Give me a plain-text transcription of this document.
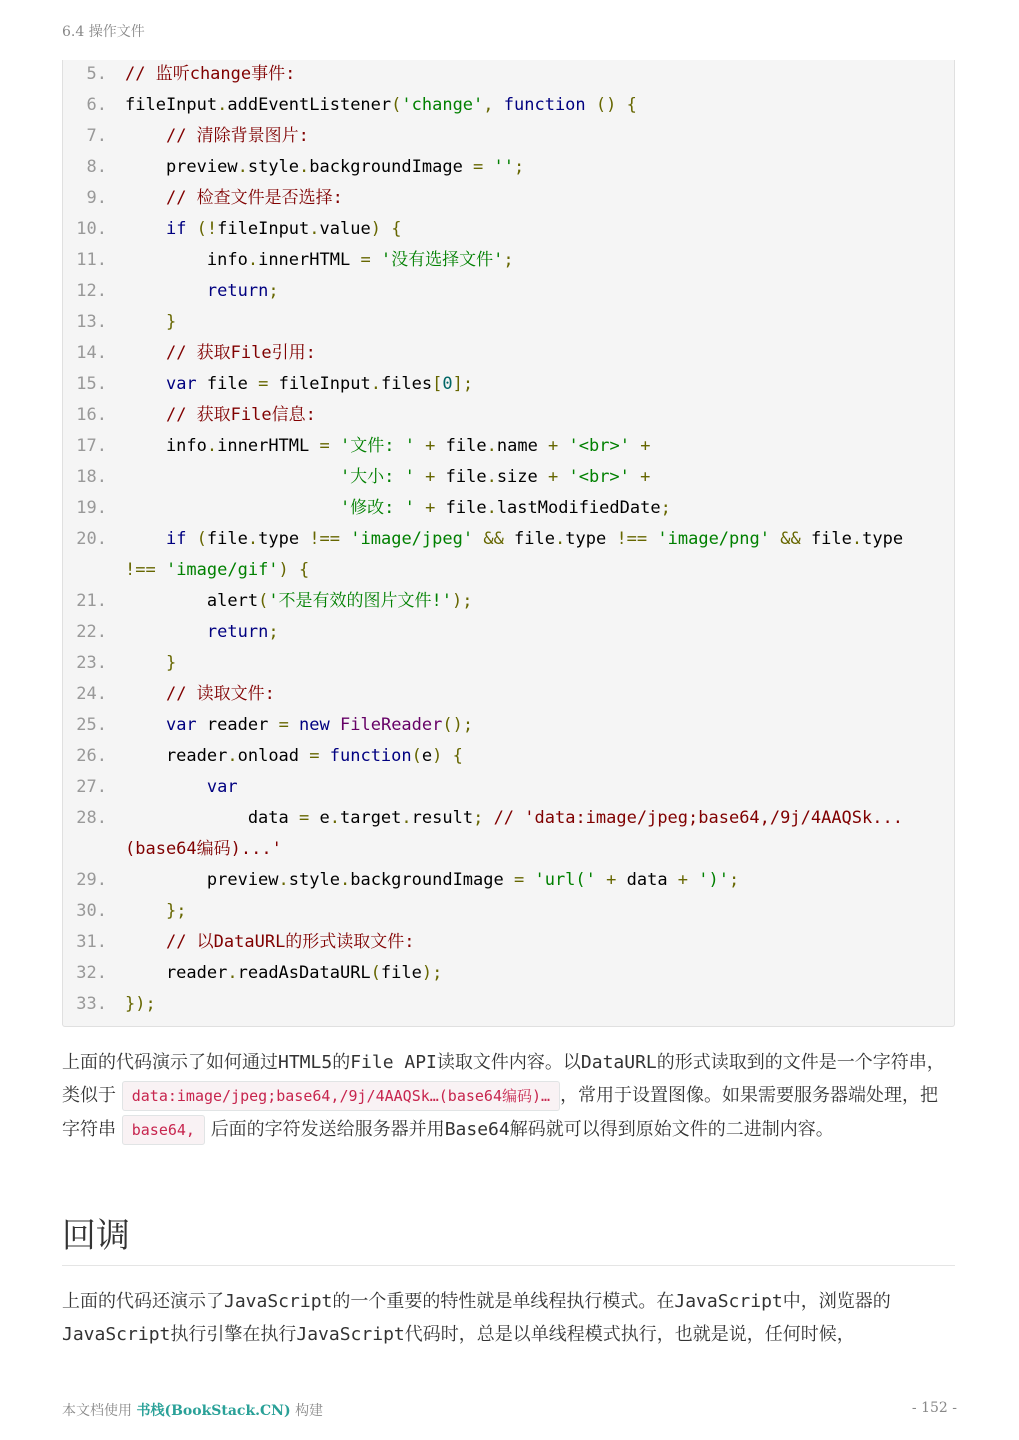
6.4 操作文件
5. // 监听change事件:
6. fileInput.addEventListener('change', function () {
7.	// 清除背景图片:
8. preview.style.backgroundImage = '';
9.	// 检查文件是否选择:
10.	if (!fileInput.value) {
11. info.innerHTML = '没有选择文件';
12.	return;
13.	}
14.	// 获取File引用:
15.	var file = fileInput.files[0];
16.	// 获取File信息:
17. info.innerHTML = '文件: ' + file.name + '<br>' +
18.	'大小: ' + file.size + '<br>' +
19.	'修改: ' + file.lastModifiedDate;
20.	if (file.type !== 'image/jpeg' && file.type !== 'image/png' && file.type
!== 'image/gif') {
21. alert('不是有效的图片文件!');
22.	return;
23.	}
24.	// 读取文件:
25.	var reader = new FileReader();
26. reader.onload = function(e) {
27.	var
28. data = e.target.result; // 'data:image/jpeg;base64,/9j/4AAQSk...
(base64编码)...'
29. preview.style.backgroundImage = 'url(' + data + ')';
30.	};
31.	// 以DataURL的形式读取文件:
32. reader.readAsDataURL(file);
33. });
上面的代码演示了如何通过HTML5的File API读取文件内容。以DataURL的形式读取到的文件是一个字符串，类似于 data:image/jpeg;base64,/9j/4AAQSk…(base64编码)… ，常用于设置图像。如果需要服务器端处理，把字符串 base64, 后面的字符发送给服务器并用Base64解码就可以得到原始文件的二进制内容。
回调
上面的代码还演示了JavaScript的一个重要的特性就是单线程执行模式。在JavaScript中，浏览器的JavaScript执行引擎在执行JavaScript代码时，总是以单线程模式执行，也就是说，任何时候，
本文档使用 书栈(BookStack.CN) 构建	- 152 -
